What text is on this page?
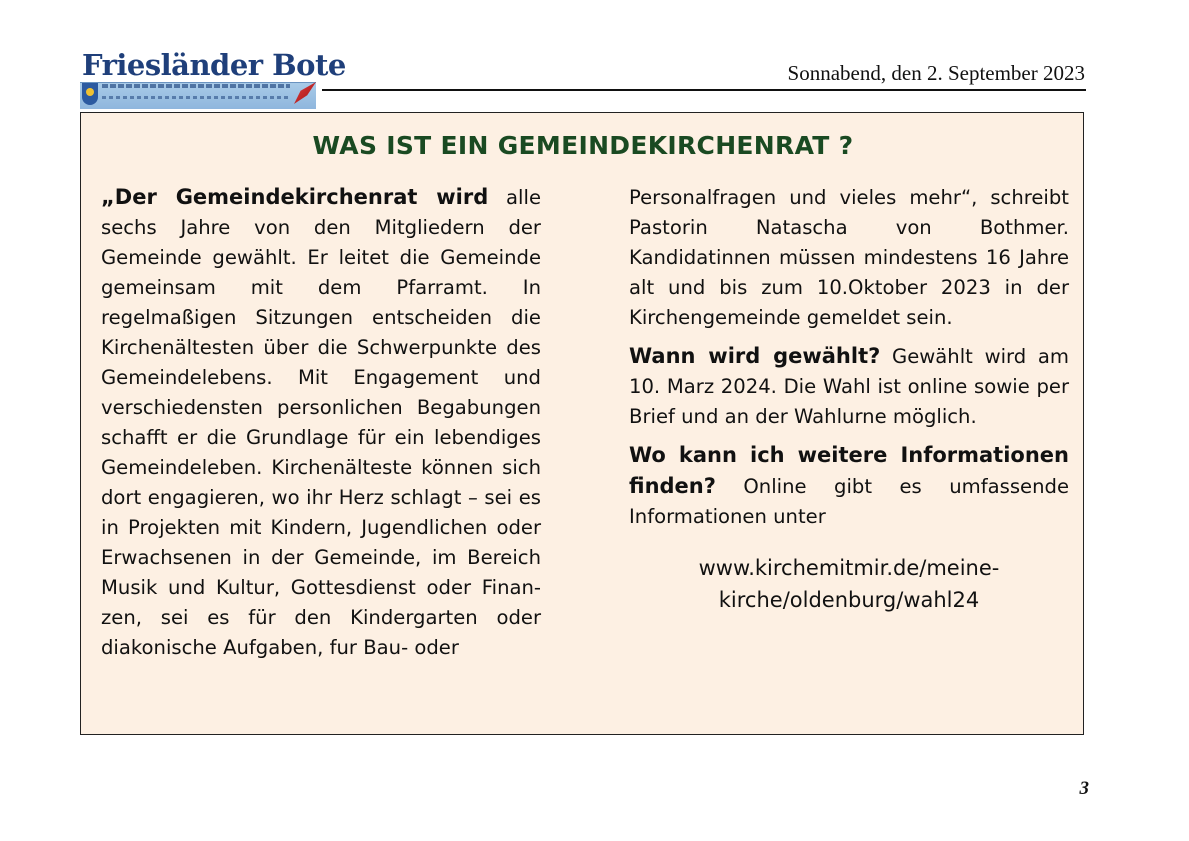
Friesländer Bote	Sonnabend, den 2. September 2023
WAS IST EIN GEMEINDEKIRCHENRAT ?

„Der Gemeindekirchenrat wird alle sechs Jahre von den Mitgliedern der Gemeinde gewählt. Er leitet die Gemeinde gemeinsam mit dem Pfarramt. In regelmaßigen Sitzungen entscheiden die Kirchenältesten über die Schwerpunkte des Gemeindelebens. Mit Engagement und verschiedensten personlichen Begabungen schafft er die Grundlage für ein lebendiges Gemeindeleben. Kirchenälteste können sich dort engagieren, wo ihr Herz schlagt – sei es in Projekten mit Kindern, Jugendlichen oder Erwachsenen in der Gemeinde, im Bereich Musik und Kultur, Gottesdienst oder Finanzen, sei es für den Kindergarten oder diakonische Aufgaben, fur Bau- oder

Personalfragen und vieles mehr“, schreibt Pastorin Natascha von Bothmer. Kandidatinnen müssen mindestens 16 Jahre alt und bis zum 10.Oktober 2023 in der Kirchengemeinde gemeldet sein.

Wann wird gewählt? Gewählt wird am 10. Marz 2024. Die Wahl ist online sowie per Brief und an der Wahlurne möglich.

Wo kann ich weitere Informationen finden? Online gibt es umfassende Informationen unter

www.kirchemitmir.de/meine-
kirche/oldenburg/wahl24

3
